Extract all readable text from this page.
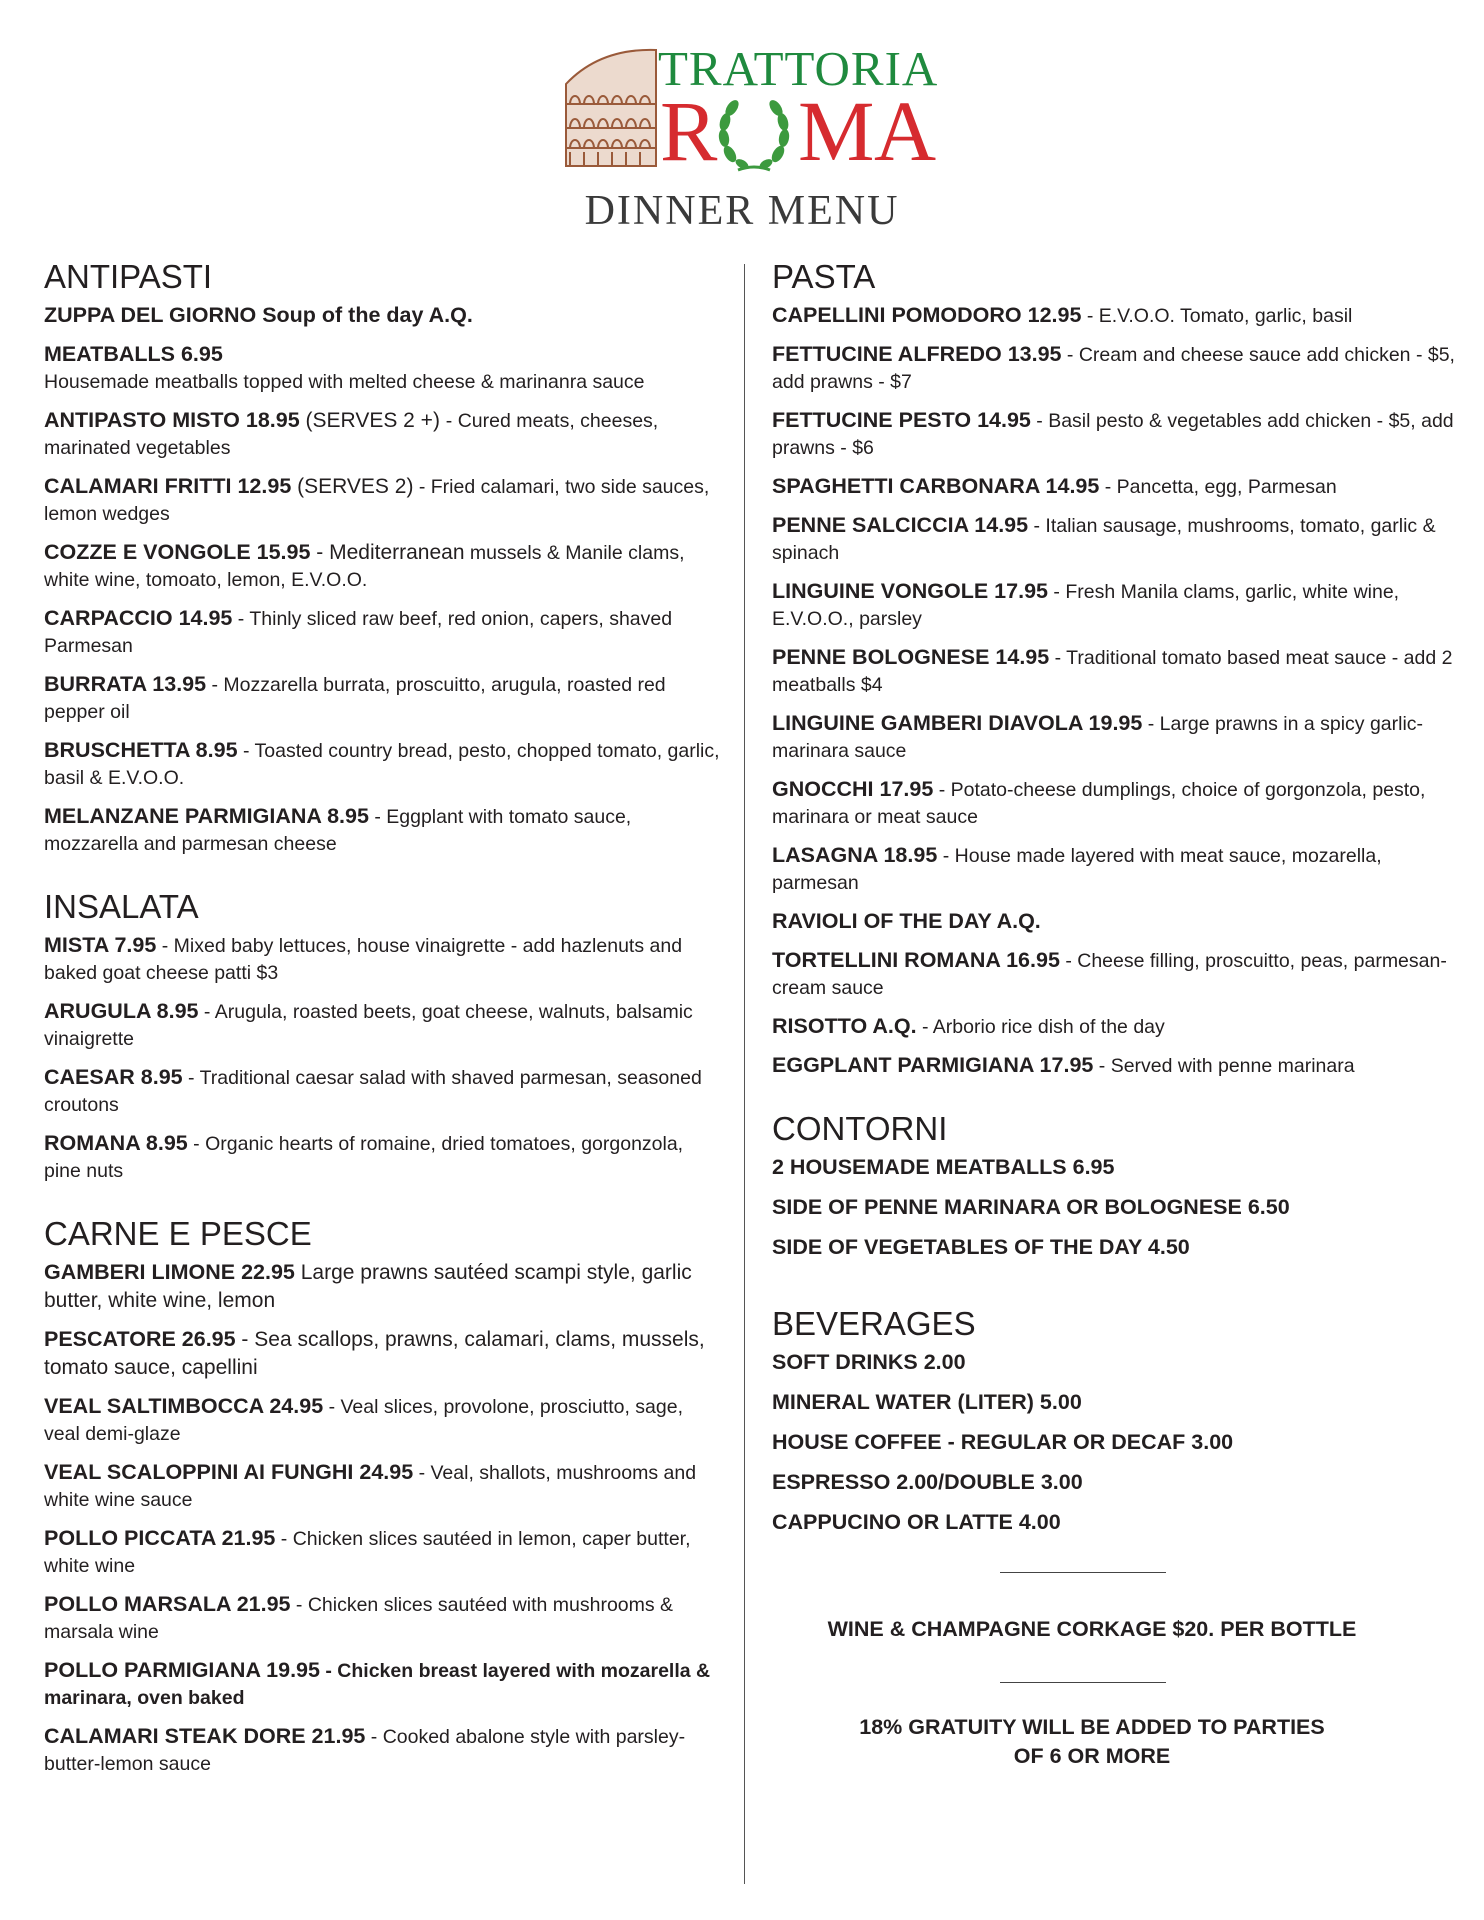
TRATTORIA
R M A
DINNER MENU
ANTIPASTI
ZUPPA DEL GIORNO Soup of the day A.Q.
MEATBALLS 6.95
Housemade meatballs topped with melted cheese & marinanra sauce
ANTIPASTO MISTO 18.95 (SERVES 2 +) - Cured meats, cheeses, marinated vegetables
CALAMARI FRITTI 12.95 (SERVES 2) - Fried calamari, two side sauces, lemon wedges
COZZE E VONGOLE 15.95 - Mediterranean mussels & Manile clams, white wine, tomoato, lemon, E.V.O.O.
CARPACCIO 14.95 - Thinly sliced raw beef, red onion, capers, shaved Parmesan
BURRATA 13.95 - Mozzarella burrata, proscuitto, arugula, roasted red pepper oil
BRUSCHETTA 8.95 - Toasted country bread, pesto, chopped tomato, garlic, basil & E.V.O.O.
MELANZANE PARMIGIANA 8.95 - Eggplant with tomato sauce, mozzarella and parmesan cheese
INSALATA
MISTA 7.95 - Mixed baby lettuces, house vinaigrette - add hazlenuts and baked goat cheese patti $3
ARUGULA 8.95 - Arugula, roasted beets, goat cheese, walnuts, balsamic vinaigrette
CAESAR 8.95 - Traditional caesar salad with shaved parmesan, seasoned croutons
ROMANA 8.95 - Organic hearts of romaine, dried tomatoes, gorgonzola, pine nuts
CARNE E PESCE
GAMBERI LIMONE 22.95 Large prawns sautéed scampi style, garlic butter, white wine, lemon
PESCATORE 26.95 - Sea scallops, prawns, calamari, clams, mussels, tomato sauce, capellini
VEAL SALTIMBOCCA 24.95 - Veal slices, provolone, prosciutto, sage, veal demi-glaze
VEAL SCALOPPINI AI FUNGHI 24.95 - Veal, shallots, mushrooms and white wine sauce
POLLO PICCATA 21.95 - Chicken slices sautéed in lemon, caper butter, white wine
POLLO MARSALA 21.95 - Chicken slices sautéed with mushrooms & marsala wine
POLLO PARMIGIANA 19.95 - Chicken breast layered with mozarella & marinara, oven baked
CALAMARI STEAK DORE 21.95 - Cooked abalone style with parsley-butter-lemon sauce
PASTA
CAPELLINI POMODORO 12.95 - E.V.O.O. Tomato, garlic, basil
FETTUCINE ALFREDO 13.95 - Cream and cheese sauce add chicken - $5, add prawns - $7
FETTUCINE PESTO 14.95 - Basil pesto & vegetables add chicken - $5, add prawns - $6
SPAGHETTI CARBONARA 14.95 - Pancetta, egg, Parmesan
PENNE SALCICCIA 14.95 - Italian sausage, mushrooms, tomato, garlic & spinach
LINGUINE VONGOLE 17.95 - Fresh Manila clams, garlic, white wine, E.V.O.O., parsley
PENNE BOLOGNESE 14.95 - Traditional tomato based meat sauce - add 2 meatballs $4
LINGUINE GAMBERI DIAVOLA 19.95 - Large prawns in a spicy garlic-marinara sauce
GNOCCHI 17.95 - Potato-cheese dumplings, choice of gorgonzola, pesto, marinara or meat sauce
LASAGNA 18.95 - House made layered with meat sauce, mozarella, parmesan
RAVIOLI OF THE DAY A.Q.
TORTELLINI ROMANA 16.95 - Cheese filling, proscuitto, peas, parmesan-cream sauce
RISOTTO A.Q. - Arborio rice dish of the day
EGGPLANT PARMIGIANA 17.95 - Served with penne marinara
CONTORNI
2 HOUSEMADE MEATBALLS 6.95
SIDE OF PENNE MARINARA OR BOLOGNESE 6.50
SIDE OF VEGETABLES OF THE DAY 4.50
BEVERAGES
SOFT DRINKS 2.00
MINERAL WATER (LITER) 5.00
HOUSE COFFEE - REGULAR OR DECAF 3.00
ESPRESSO 2.00/DOUBLE 3.00
CAPPUCINO OR LATTE 4.00
WINE & CHAMPAGNE CORKAGE $20. PER BOTTLE
18% GRATUITY WILL BE ADDED TO PARTIES
OF 6 OR MORE
